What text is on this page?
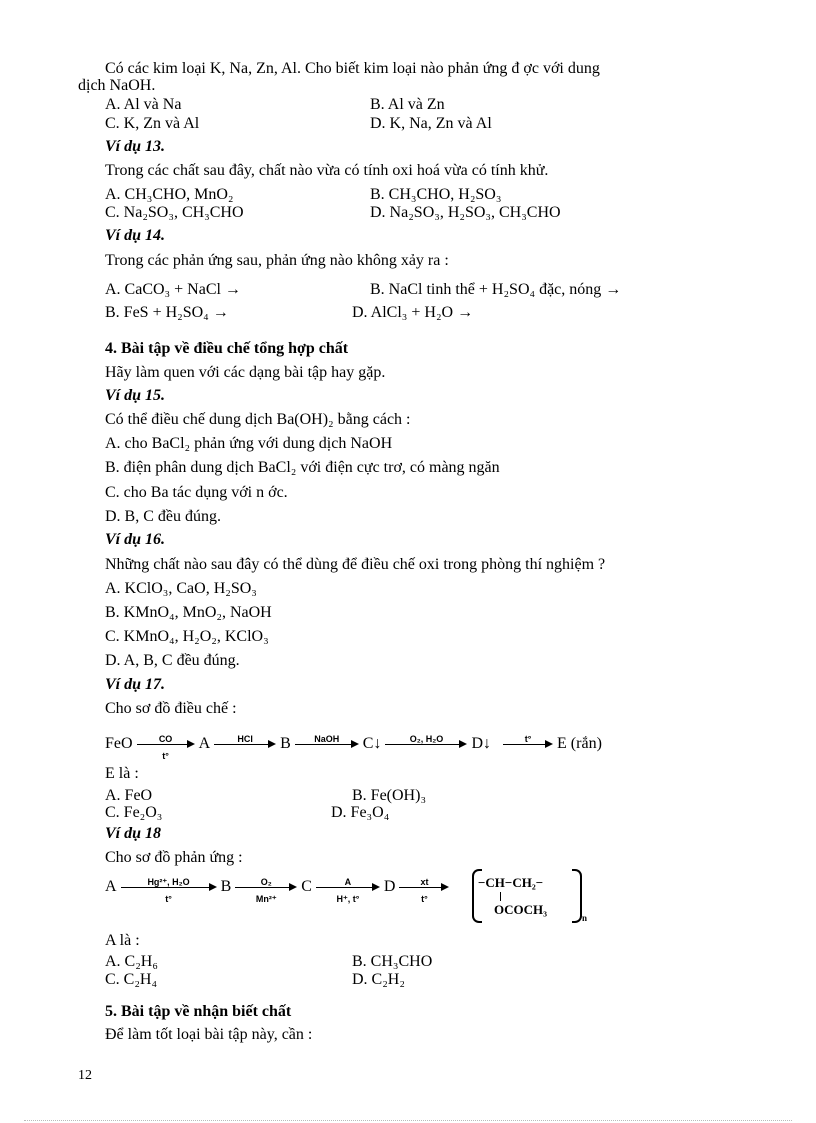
Có các kim loại K, Na, Zn, Al. Cho biết kim loại nào phản ứng đ ợc với dung
dịch NaOH.
A. Al và Na	B. Al và Zn
C. K, Zn và Al	D. K, Na, Zn và Al
Ví dụ 13.
Trong các chất sau đây, chất nào vừa có tính oxi hoá vừa có tính khử.
A. CH₃CHO, MnO₂	B. CH₃CHO, H₂SO₃
C. Na₂SO₃, CH₃CHO	D. Na₂SO₃, H₂SO₃, CH₃CHO
Ví dụ 14.
Trong các phản ứng sau, phản ứng nào không xảy ra :
A. CaCO₃ + NaCl →	B. NaCl tinh thể + H₂SO₄ đặc, nóng →
B. FeS + H₂SO₄ →	D. AlCl₃ + H₂O →
4. Bài tập về điều chế tổng hợp chất
Hãy làm quen với các dạng bài tập hay gặp.
Ví dụ 15.
Có thể điều chế dung dịch Ba(OH)₂ bằng cách :
A. cho BaCl₂ phản ứng với dung dịch NaOH
B. điện phân dung dịch BaCl₂ với điện cực trơ, có màng ngăn
C. cho Ba tác dụng với n ớc.
D. B, C đều đúng.
Ví dụ 16.
Những chất nào sau đây có thể dùng để điều chế oxi trong phòng thí nghiệm ?
A. KClO₃, CaO, H₂SO₃
B. KMnO₄, MnO₂, NaOH
C. KMnO₄, H₂O₂, KClO₃
D. A, B, C đều đúng.
Ví dụ 17.
Cho sơ đồ điều chế :
FeO $\frac{CO}{t^\circ}$ A	HCl	B	NaOH	C↓	O₂, H₂O	D↓	t°	E (rắn)
E là :
A. FeO	B. Fe(OH)₃
C. Fe₂O₃	D. Fe₃O₄
Ví dụ 18
Cho sơ đồ phản ứng :
A $\frac{\text{Hg²⁺, H₂O}}{t^\circ}$ B $\frac{\text{O₂}}{\text{Mn²⁺}}$ C $\frac{A}{H^+, t^\circ}$ D $\frac{xt}{t^\circ} -CH-CH_2-$
OCOCH₃
n
A là :
A. C₂H₆	B. CH₃CHO
C. C₂H₄	D. C₂H₂
5. Bài tập về nhận biết chất
Để làm tốt loại bài tập này, cần :
12
